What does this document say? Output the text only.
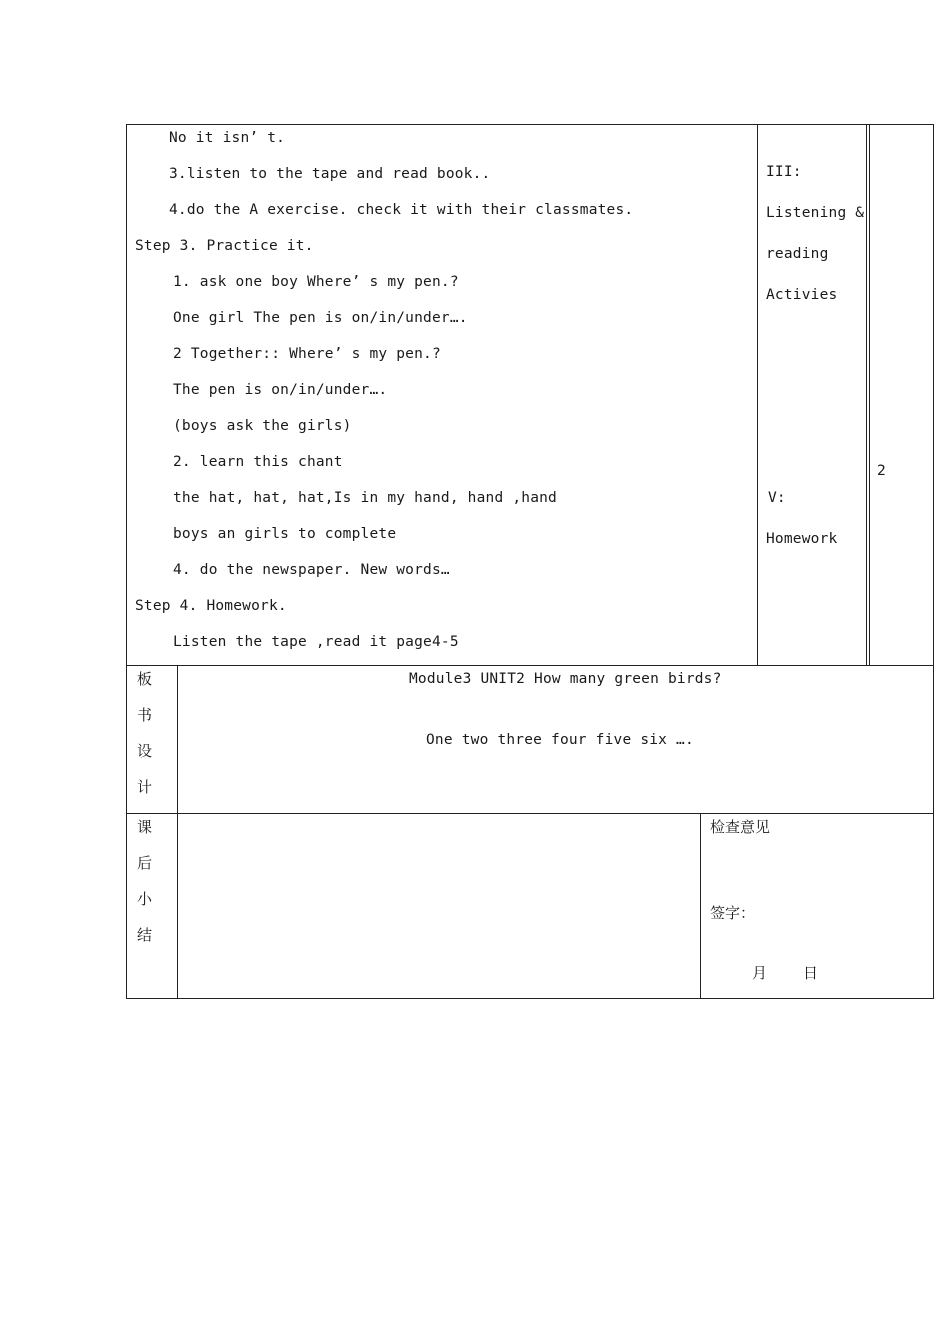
No it isn’ t.
3.listen to the tape and read book..
4.do the A exercise. check it with their classmates.
Step 3. Practice it.
1. ask one boy Where’ s my pen.?
One girl The pen is on/in/under….
2 Together:: Where’ s my pen.?
The pen is on/in/under….
(boys ask the girls)
2. learn this chant
the hat, hat, hat,Is in my hand, hand ,hand
boys an girls to complete
4. do the newspaper. New words…
Step 4. Homework.
Listen the tape ,read it page4-5
III:
Listening &
reading
Activies
V:
Homework
2
板
书
设
计
Module3 UNIT2 How many green birds?
One two three four five six ….
课
后
小
结
检查意见
签字：
月 日
